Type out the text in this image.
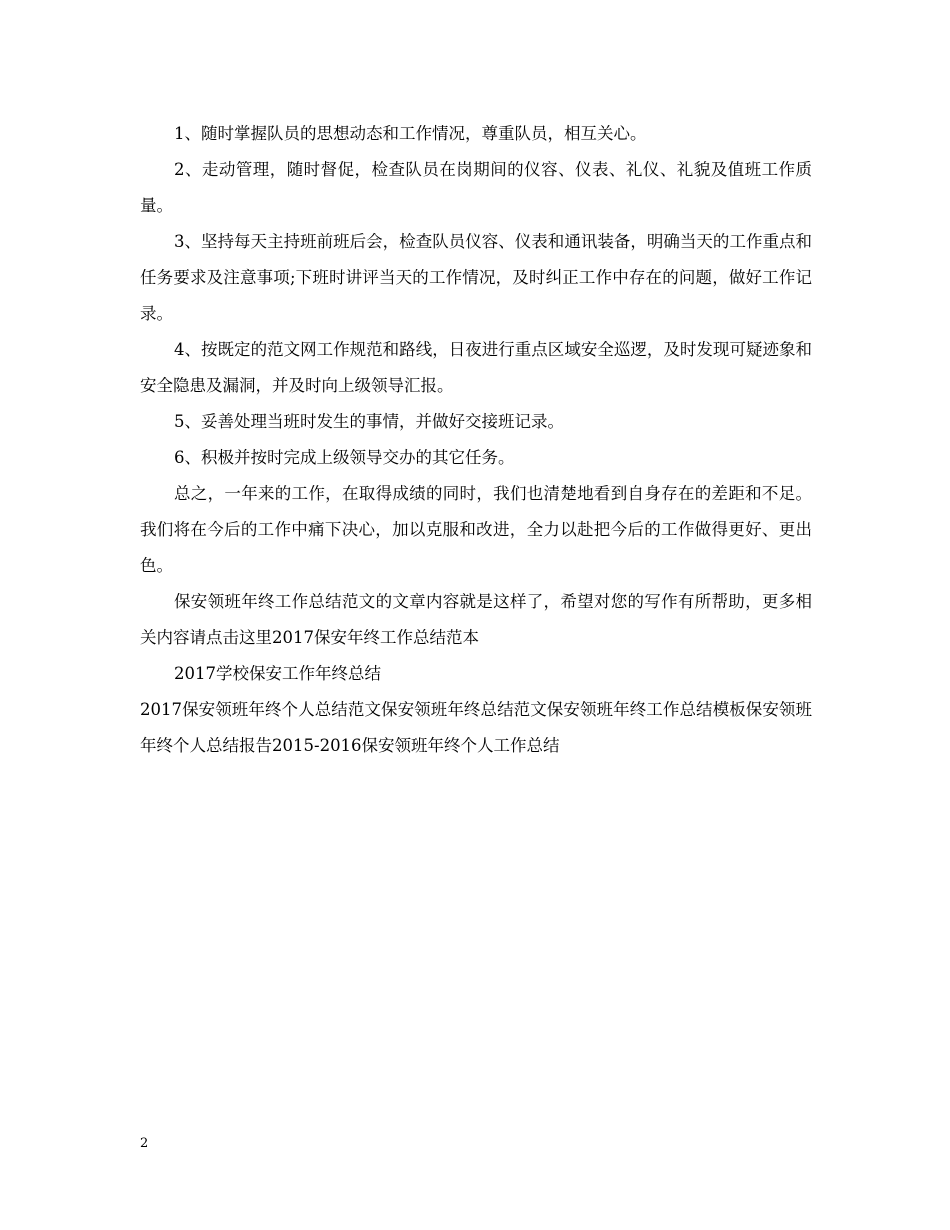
1、随时掌握队员的思想动态和工作情况，尊重队员，相互关心。

2、走动管理，随时督促，检查队员在岗期间的仪容、仪表、礼仪、礼貌及值班工作质量。

3、坚持每天主持班前班后会，检查队员仪容、仪表和通讯装备，明确当天的工作重点和任务要求及注意事项;下班时讲评当天的工作情况，及时纠正工作中存在的问题，做好工作记录。

4、按既定的范文网工作规范和路线，日夜进行重点区域安全巡逻，及时发现可疑迹象和安全隐患及漏洞，并及时向上级领导汇报。

5、妥善处理当班时发生的事情，并做好交接班记录。

6、积极并按时完成上级领导交办的其它任务。

总之，一年来的工作，在取得成绩的同时，我们也清楚地看到自身存在的差距和不足。我们将在今后的工作中痛下决心，加以克服和改进，全力以赴把今后的工作做得更好、更出色。

保安领班年终工作总结范文的文章内容就是这样了，希望对您的写作有所帮助，更多相关内容请点击这里2017保安年终工作总结范本

2017学校保安工作年终总结

2017保安领班年终个人总结范文保安领班年终总结范文保安领班年终工作总结模板保安领班年终个人总结报告2015-2016保安领班年终个人工作总结

2
